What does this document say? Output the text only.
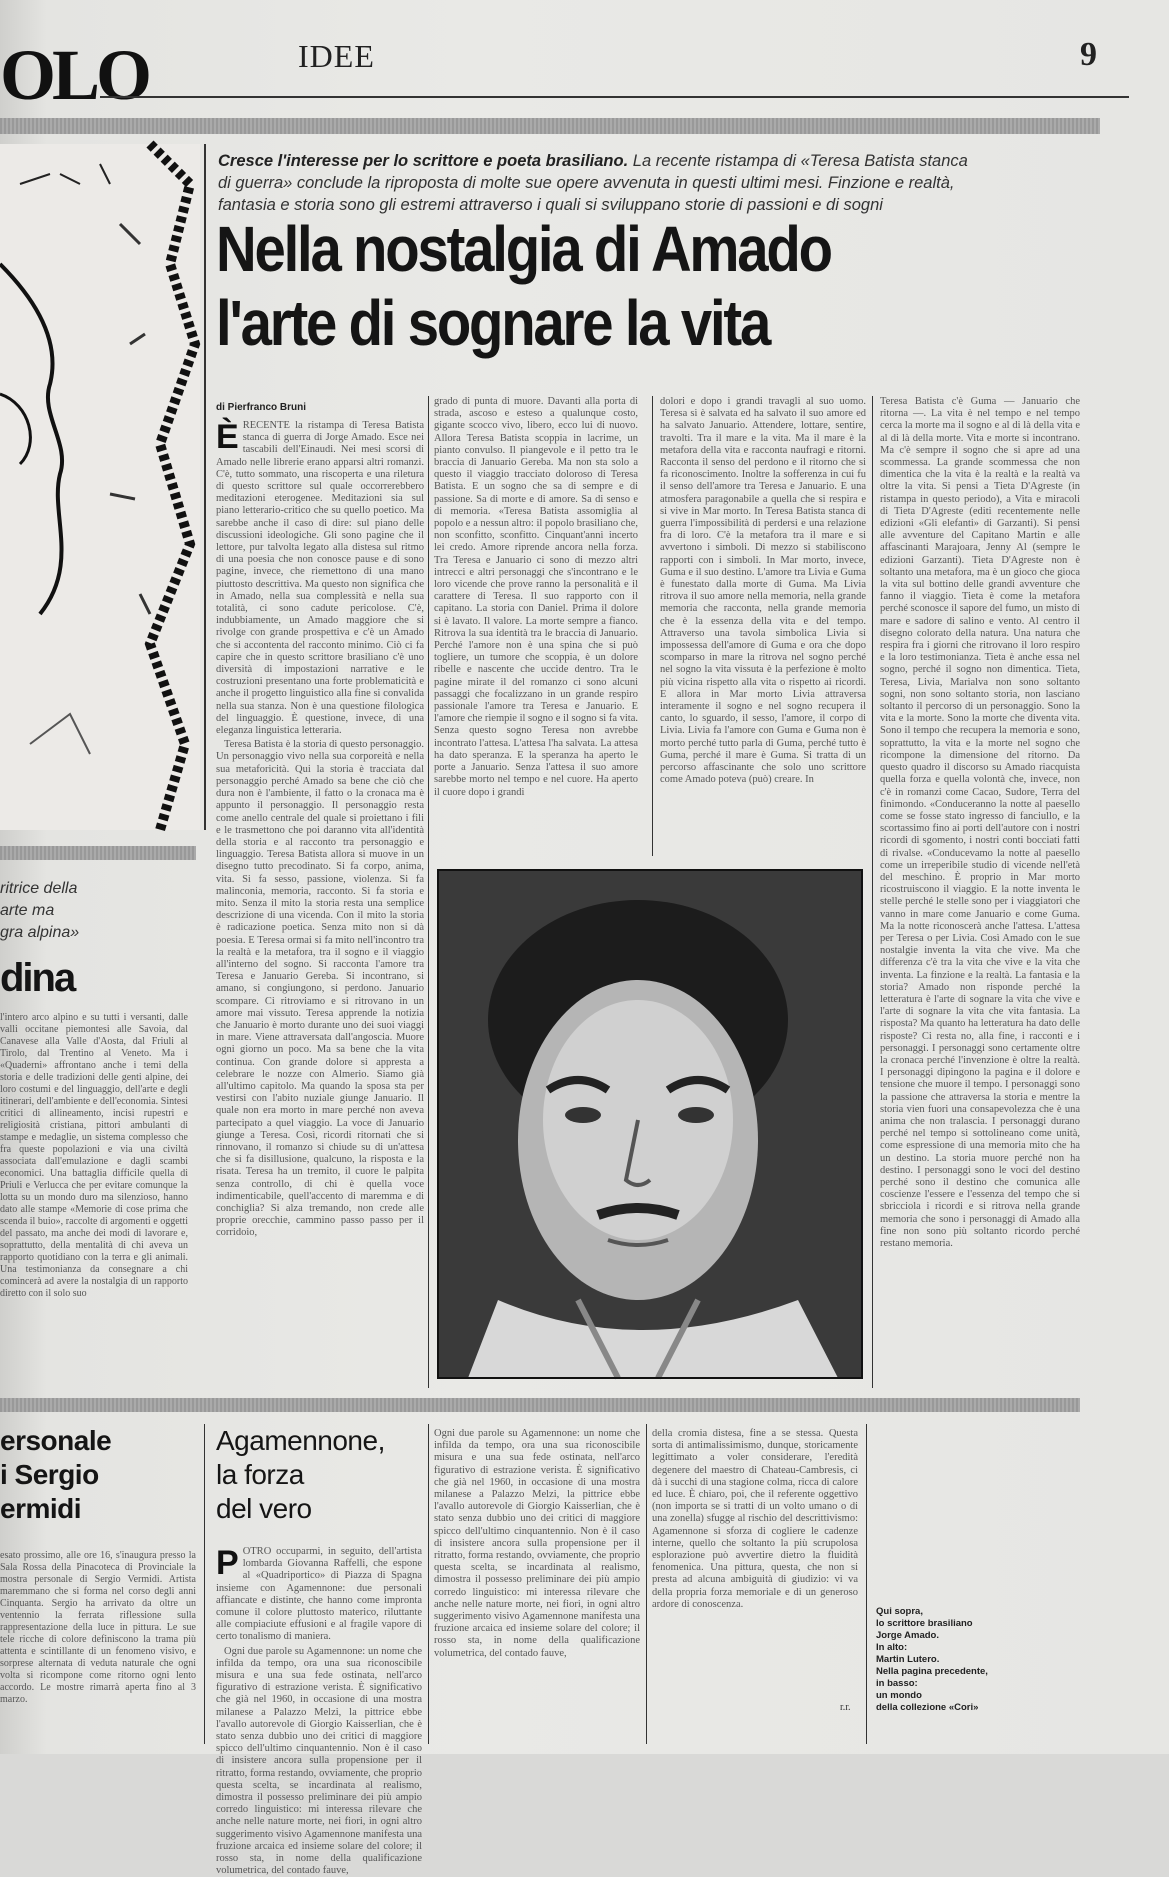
OLO	IDEE	9
Cresce l'interesse per lo scrittore e poeta brasiliano. La recente ristampa di «Teresa Batista stanca di guerra» conclude la riproposta di molte sue opere avvenuta in questi ultimi mesi. Finzione e realtà, fantasia e storia sono gli estremi attraverso i quali si sviluppano storie di passioni e di sogni
Nella nostalgia di Amado
l'arte di sognare la vita
di Pierfranco Bruni

ÈRECENTE la ristampa di Teresa Batista stanca di guerra di Jorge Amado. Esce nei tascabili dell'Einaudi. Nei mesi scorsi di Amado nelle librerie erano apparsi altri romanzi. C'è, tutto sommato, una riscoperta e una riletura di questo scrittore sul quale occorrerebbero meditazioni eterogenee. Meditazioni sia sul piano letterario-critico che su quello poetico. Ma sarebbe anche il caso di dire: sul piano delle discussioni ideologiche. Gli sono pagine che il lettore, pur talvolta legato alla distesa sul ritmo di una poesia che non conosce pause e di sono pagine, invece, che riemettono di una mano piuttosto descrittiva. Ma questo non significa che in Amado, nella sua complessità e nella sua totalità, ci sono cadute pericolose. C'è, indubbiamente, un Amado maggiore che si rivolge con grande prospettiva e c'è un Amado che si accontenta del racconto minimo. Ciò ci fa capire che in questo scrittore brasiliano c'è uno diversità di impostazioni narrative e le costruzioni presentano una forte problematicità e anche il progetto linguistico alla fine si convalida nella sua stanza. Non è una questione filologica del linguaggio. È questione, invece, di una eleganza linguistica letteraria.

Teresa Batista è la storia di questo personaggio. Un personaggio vivo nella sua corporeità e nella sua metaforicità. Qui la storia è tracciata dal personaggio perché Amado sa bene che ciò che dura non è l'ambiente, il fatto o la cronaca ma è appunto il personaggio. Il personaggio resta come anello centrale del quale si proiettano i fili e le trasmettono che poi daranno vita all'identità della storia e al racconto tra personaggio e linguaggio. Teresa Batista allora si muove in un disegno tutto precodinato. Si fa corpo, anima, vita. Si fa sesso, passione, violenza. Si fa malinconia, memoria, racconto. Si fa storia e mito. Senza il mito la storia resta una semplice descrizione di una vicenda. Con il mito la storia è radicazione poetica. Senza mito non si dà poesia. E Teresa ormai si fa mito nell'incontro tra la realtà e la metafora, tra il sogno e il viaggio all'interno del sogno. Si racconta l'amore tra Teresa e Januario Gereba. Si incontrano, si amano, si congiungono, si perdono. Januario scompare. Ci ritroviamo e si ritrovano in un amore mai vissuto. Teresa apprende la notizia che Januario è morto durante uno dei suoi viaggi in mare. Viene attraversata dall'angoscia. Muore ogni giorno un poco. Ma sa bene che la vita continua. Con grande dolore si appresta a celebrare le nozze con Almerio. Siamo già all'ultimo capitolo. Ma quando la sposa sta per vestirsi con l'abito nuziale giunge Januario. Il quale non era morto in mare perché non aveva partecipato a quel viaggio. La voce di Januario giunge a Teresa. Così, ricordi ritornati che si rinnovano, il romanzo si chiude su di un'attesa che si fa disillusione, qualcuno, la risposta e la risata. Teresa ha un tremito, il cuore le palpita senza controllo, di chi è quella voce indimenticabile, quell'accento di maremma e di conchiglia? Si alza tremando, non crede alle proprie orecchie, cammino passo passo per il corridoio,

grado di punta di muore. Davanti alla porta di strada, ascoso e esteso a qualunque costo, gigante scocco vivo, libero, ecco lui di nuovo. Allora Teresa Batista scoppia in lacrime, un pianto convulso. Il piangevole e il petto tra le braccia di Januario Gereba. Ma non sta solo a questo il viaggio tracciato doloroso di Teresa Batista. E un sogno che sa di sempre e di passione. Sa di morte e di amore. Sa di senso e di memoria. «Teresa Batista assomiglia al popolo e a nessun altro: il popolo brasiliano che, non sconfitto, sconfitto. Cinquant'anni incerto lei credo. Amore riprende ancora nella forza. Tra Teresa e Januario ci sono di mezzo altri intrecci e altri personaggi che s'incontrano e le loro vicende che prove ranno la personalità e il carattere di Teresa. Il suo rapporto con il capitano. La storia con Daniel. Prima il dolore si è lavato. Il valore. La morte sempre a fianco. Ritrova la sua identità tra le braccia di Januario. Perché l'amore non è una spina che si può togliere, un tumore che scoppia, è un dolore ribelle e nascente che uccide dentro. Tra le pagine mirate il del romanzo ci sono alcuni passaggi che focalizzano in un grande respiro passionale l'amore tra Teresa e Januario. E l'amore che riempie il sogno e il sogno si fa vita. Senza questo sogno Teresa non avrebbe incontrato l'attesa. L'attesa l'ha salvata. La attesa ha dato speranza. E la speranza ha aperto le porte a Januario. Senza l'attesa il suo amore sarebbe morto nel tempo e nel cuore. Ha aperto il cuore dopo i grandi

dolori e dopo i grandi travagli al suo uomo. Teresa si è salvata ed ha salvato il suo amore ed ha salvato Januario. Attendere, lottare, sentire, travolti. Tra il mare e la vita. Ma il mare è la metafora della vita e racconta naufragi e ritorni. Racconta il senso del perdono e il ritorno che si fa riconoscimento. Inoltre la sofferenza in cui fu il senso dell'amore tra Teresa e Januario. E una atmosfera paragonabile a quella che si respira e si vive in Mar morto. In Teresa Batista stanca di guerra l'impossibilità di perdersi e una relazione fra di loro. C'è la metafora tra il mare e si avvertono i simboli. Di mezzo si stabiliscono rapporti con i simboli. In Mar morto, invece, Guma e il suo destino. L'amore tra Livia e Guma è funestato dalla morte di Guma. Ma Livia ritrova il suo amore nella memoria, nella grande memoria che racconta, nella grande memoria che è la essenza della vita e del tempo. Attraverso una tavola simbolica Livia si impossessa dell'amore di Guma e ora che dopo scomparso in mare la ritrova nel sogno perché nel sogno la vita vissuta è la perfezione è molto più vicina rispetto alla vita o rispetto ai ricordi. E allora in Mar morto Livia attraversa interamente il sogno e nel sogno recupera il canto, lo sguardo, il sesso, l'amore, il corpo di Livia. Livia fa l'amore con Guma e Guma non è morto perché tutto parla di Guma, perché tutto è Guma, perché il mare è Guma. Si tratta di un percorso affascinante che solo uno scrittore come Amado poteva (può) creare. In

Teresa Batista c'è Guma — Januario che ritorna —. La vita è nel tempo e nel tempo cerca la morte ma il sogno e al di là della vita e al di là della morte. Vita e morte si incontrano. Ma c'è sempre il sogno che si apre ad una scommessa. La grande scommessa che non dimentica che la vita è la realtà e la realtà va oltre la vita. Si pensi a Tieta D'Agreste (in ristampa in questo periodo), a Vita e miracoli di Tieta D'Agreste (editi recentemente nelle edizioni «Gli elefanti» di Garzanti). Si pensi alle avventure del Capitano Martin e alle affascinanti Marajoara, Jenny Al (sempre le edizioni Garzanti). Tieta D'Agreste non è soltanto una metafora, ma è un gioco che gioca la vita sul bottino delle grandi avventure che fanno il viaggio. Tieta è come la metafora perché sconosce il sapore del fumo, un misto di mare e sadore di salino e vento. Al centro il disegno colorato della natura. Una natura che respira fra i giorni che ritrovano il loro respiro e la loro testimonianza. Tieta è anche essa nel sogno, perché il sogno non dimentica. Tieta, Teresa, Livia, Marialva non sono soltanto sogni, non sono soltanto storia, non lasciano soltanto il percorso di un personaggio. Sono la vita e la morte. Sono la morte che diventa vita. Sono il tempo che recupera la memoria e sono, soprattutto, la vita e la morte nel sogno che ricompone la dimensione del ritorno. Da questo quadro il discorso su Amado riacquista quella forza e quella volontà che, invece, non c'è in romanzi come Cacao, Sudore, Terra del finimondo. «Conduceranno la notte al paesello come se fosse stato ingresso di fanciullo, e la scortassimo fino ai porti dell'autore con i nostri ricordi di sgomento, i nostri conti bocciati fatti di rivalse. «Conducevamo la notte al paesello come un irreperibile studio di vicende nell'età del meschino. È proprio in Mar morto ricostruiscono il viaggio. E la notte inventa le stelle perché le stelle sono per i viaggiatori che vanno in mare come Januario e come Guma. Ma la notte riconoscerà anche l'attesa. L'attesa per Teresa o per Livia. Così Amado con le sue nostalgie inventa la vita che vive. Ma che differenza c'è tra la vita che vive e la vita che inventa. La finzione e la realtà. La fantasia e la storia? Amado non risponde perché la letteratura è l'arte di sognare la vita che vive e l'arte di sognare la vita che vita fantasia. La risposta? Ma quanto ha letteratura ha dato delle risposte? Ci resta no, alla fine, i racconti e i personaggi. I personaggi sono certamente oltre la cronaca perché l'invenzione è oltre la realtà. I personaggi dipingono la pagina e il dolore e tensione che muore il tempo. I personaggi sono la passione che attraversa la storia e mentre la storia vien fuori una consapevolezza che è una anima che non tralascia. I personaggi durano perché nel tempo si sottolineano come unità, come espressione di una memoria mito che ha un destino. La storia muore perché non ha destino. I personaggi sono le voci del destino perché sono il destino che comunica alle coscienze l'essere e l'essenza del tempo che si sbricciola i ricordi e si ritrova nella grande memoria che sono i personaggi di Amado alla fine non sono più soltanto ricordo perché restano memoria.

ritrice della
arte ma
gra alpina»
dina
l'intero arco alpino e su tutti i versanti, dalle valli occitane piemontesi alle Savoia, dal Canavese alla Valle d'Aosta, dal Friuli al Tirolo, dal Trentino al Veneto. Ma i «Quaderni» affrontano anche i temi della storia e delle tradizioni delle genti alpine, dei loro costumi e del linguaggio, dell'arte e degli itinerari, dell'ambiente e dell'economia. Sintesi critici di allineamento, incisi rupestri e religiosità cristiana, pittori ambulanti di stampe e medaglie, un sistema complesso che fra queste popolazioni e via una civiltà associata dall'emulazione e dagli scambi economici. Una battaglia difficile quella di Priuli e Verlucca che per evitare comunque la lotta su un mondo duro ma silenzioso, hanno dato alle stampe «Memorie di cose prima che scenda il buio», raccolte di argomenti e oggetti del passato, ma anche dei modi di lavorare e, soprattutto, della mentalità di chi aveva un rapporto quotidiano con la terra e gli animali. Una testimonianza da consegnare a chi comincerà ad avere la nostalgia di un rapporto diretto con il solo suo
ersonale
i Sergio
ermidi

esato prossimo, alle ore 16, s'inaugura presso la Sala Rossa della Pinacoteca di Provinciale la mostra personale di Sergio Vermidi. Artista maremmano che si forma nel corso degli anni Cinquanta. Sergio ha arrivato da oltre un ventennio la ferrata riflessione sulla rappresentazione della luce in pittura. Le sue tele ricche di colore definiscono la trama più attenta e scintillante di un fenomeno visivo, e sorprese alternata di veduta naturale che ogni volta si ricompone come ritorno ogni lento accordo. Le mostre rimarrà aperta fino al 3 marzo.

Agamennone,
la forza
del vero

POTRO occuparmi, in seguito, dell'artista lombarda Giovanna Raffelli, che espone al «Quadriportico» di Piazza di Spagna insieme con Agamennone: due personali affiancate e distinte, che hanno come impronta comune il colore pluttosto materico, riluttante alle compiaciute effusioni e al fragile vapore di certo tonalismo di maniera.

Ogni due parole su Agamennone: un nome che infilda da tempo, ora una sua riconoscibile misura e una sua fede ostinata, nell'arco figurativo di estrazione verista. È significativo che già nel 1960, in occasione di una mostra milanese a Palazzo Melzi, la pittrice ebbe l'avallo autorevole di Giorgio Kaisserlian, che è stato senza dubbio uno dei critici di maggiore spicco dell'ultimo cinquantennio. Non è il caso di insistere ancora sulla propensione per il ritratto, forma restando, ovviamente, che proprio questa scelta, se incardinata al realismo, dimostra il possesso preliminare dei più ampio corredo linguistico: mi interessa rilevare che anche nelle nature morte, nei fiori, in ogni altro suggerimento visivo Agamennone manifesta una fruzione arcaica ed insieme solare del colore; il rosso sta, in nome della qualificazione volumetrica, del contado fauve,

Ogni due parole su Agamennone: un nome che infilda da tempo, ora una sua riconoscibile misura e una sua fede ostinata, nell'arco figurativo di estrazione verista. È significativo che già nel 1960, in occasione di una mostra milanese a Palazzo Melzi, la pittrice ebbe l'avallo autorevole di Giorgio Kaisserlian, che è stato senza dubbio uno dei critici di maggiore spicco dell'ultimo cinquantennio. Non è il caso di insistere ancora sulla propensione per il ritratto, forma restando, ovviamente, che proprio questa scelta, se incardinata al realismo, dimostra il possesso preliminare dei più ampio corredo linguistico: mi interessa rilevare che anche nelle nature morte, nei fiori, in ogni altro suggerimento visivo Agamennone manifesta una fruzione arcaica ed insieme solare del colore; il rosso sta, in nome della qualificazione volumetrica, del contado fauve,

della cromia distesa, fine a se stessa. Questa sorta di antimalissimismo, dunque, storicamente legittimato a voler considerare, l'eredità degenere del maestro di Chateau-Cambresis, ci dà i succhi di una stagione colma, ricca di calore ed luce. È chiaro, poi, che il referente oggettivo (non importa se si tratti di un volto umano o di una zonella) sfugge al rischio del descrittivismo: Agamennone si sforza di cogliere le cadenze interne, quello che soltanto la più scrupolosa esplorazione può avvertire dietro la fluidità fenomenica. Una pittura, questa, che non si presta ad alcuna ambiguità di giudizio: vi va della propria forza memoriale e di un generoso ardore di conoscenza.

r.r.
Qui sopra,
lo scrittore brasiliano
Jorge Amado.
In alto:
Martin Lutero.
Nella pagina precedente,
in basso:
un mondo
della collezione «Cori»
